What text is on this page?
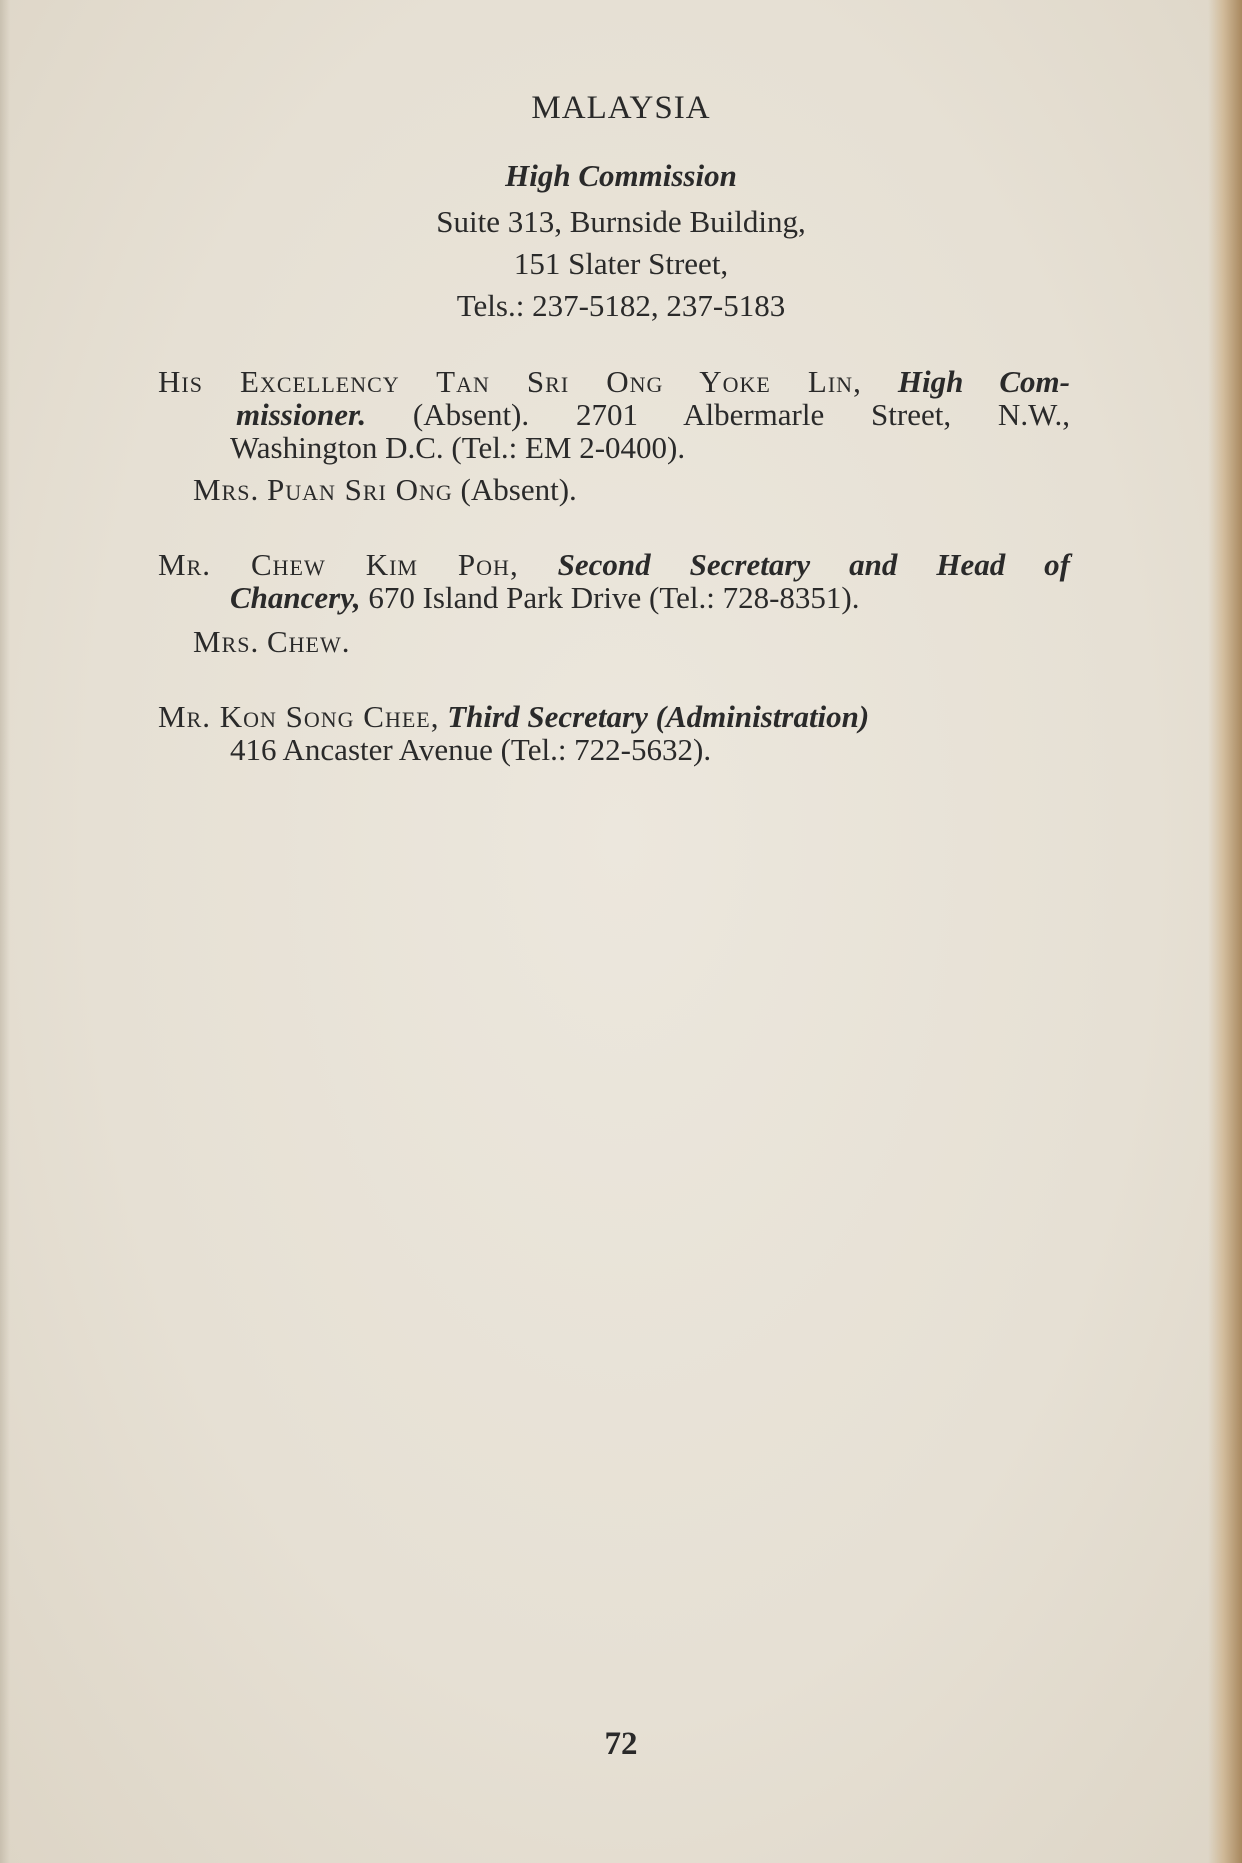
MALAYSIA
High Commission
Suite 313, Burnside Building,
151 Slater Street,
Tels.: 237-5182, 237-5183
His Excellency Tan Sri Ong Yoke Lin, High Com-
missioner. (Absent). 2701 Albermarle Street, N.W.,
Washington D.C. (Tel.: EM 2-0400).
Mrs. Puan Sri Ong (Absent).
Mr. Chew Kim Poh, Second Secretary and Head of
Chancery, 670 Island Park Drive (Tel.: 728-8351).
Mrs. Chew.
Mr. Kon Song Chee, Third Secretary (Administration)
416 Ancaster Avenue (Tel.: 722-5632).
72
